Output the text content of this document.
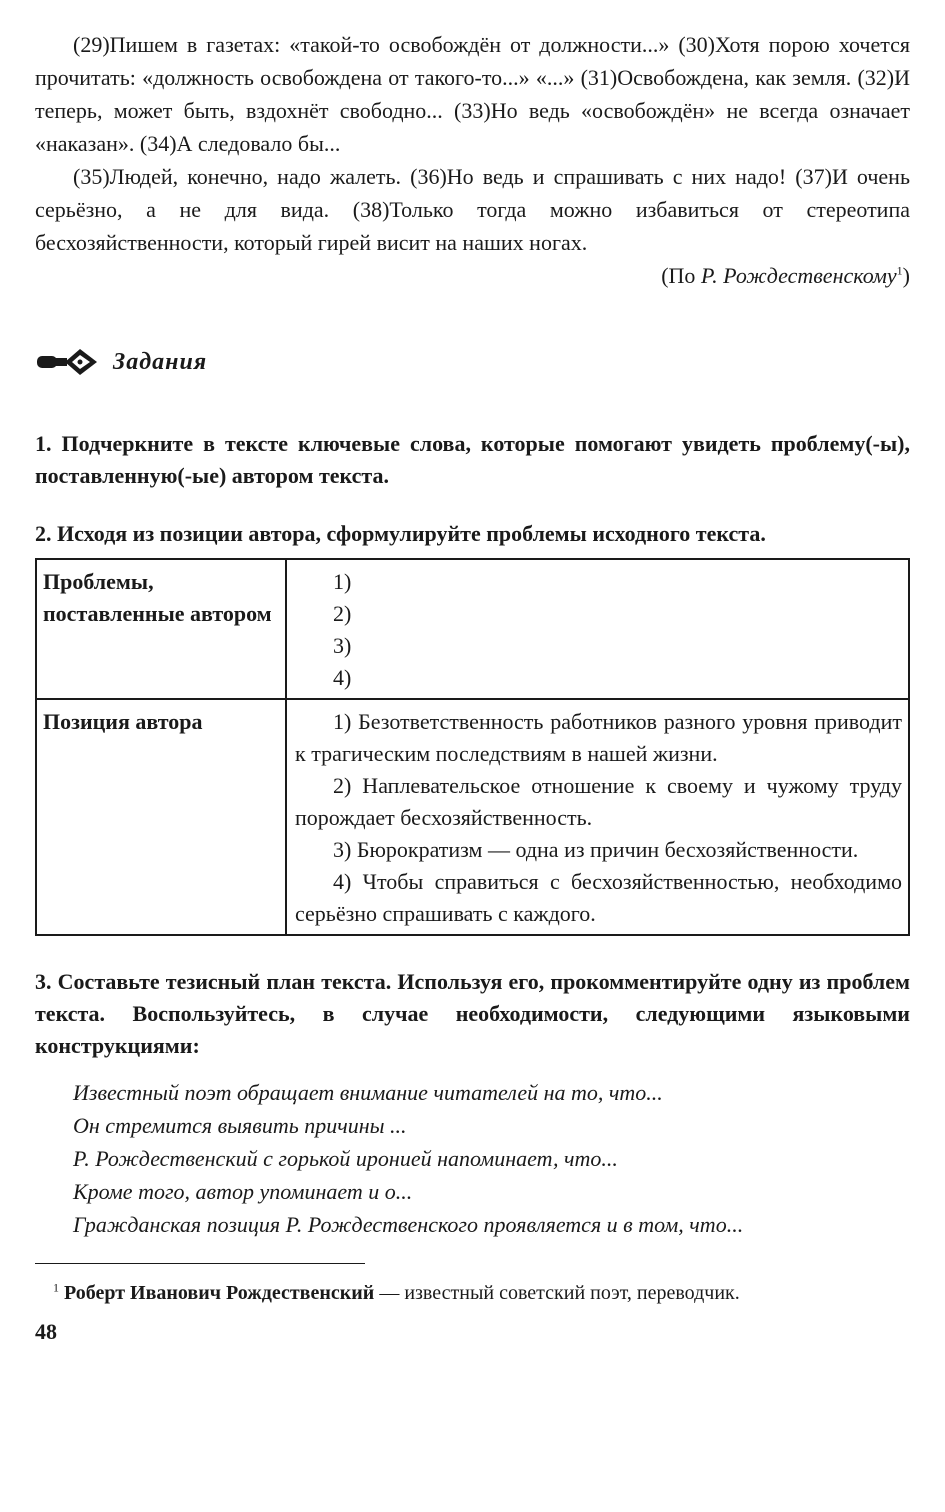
(29)Пишем в газетах: «такой-то освобождён от должности...» (30)Хотя порою хочется прочитать: «должность освобождена от такого-то...» «...» (31)Освобождена, как земля. (32)И теперь, может быть, вздохнёт свободно... (33)Но ведь «освобождён» не всегда означает «наказан». (34)А следовало бы...

(35)Людей, конечно, надо жалеть. (36)Но ведь и спрашивать с них надо! (37)И очень серьёзно, а не для вида. (38)Только тогда можно избавиться от стереотипа бесхозяйственности, который гирей висит на наших ногах.

(По Р. Рождественскому$^1$)

Задания

1. Подчеркните в тексте ключевые слова, которые помогают увидеть проблему(-ы), поставленную(-ые) автором текста.

2. Исходя из позиции автора, сформулируйте проблемы исходного текста.

Проблемы, поставленные автором	1)
2)
3)
4)

Позиция автора	1) Безответственность работников разного уровня приводит к трагическим последствиям в нашей жизни.

2) Наплевательское отношение к своему и чужому труду порождает бесхозяйственность.

3) Бюрократизм — одна из причин бесхозяйственности.

4) Чтобы справиться с бесхозяйственностью, необходимо серьёзно спрашивать с каждого.

3. Составьте тезисный план текста. Используя его, прокомментируйте одну из проблем текста. Воспользуйтесь, в случае необходимости, следующими языковыми конструкциями:

Известный поэт обращает внимание читателей на то, что...
Он стремится выявить причины ...
Р. Рождественский с горькой иронией напоминает, что...
Кроме того, автор упоминает и о...
Гражданская позиция Р. Рождественского проявляется и в том, что...

$^1$ Роберт Иванович Рождественский — известный советский поэт, переводчик.

48
